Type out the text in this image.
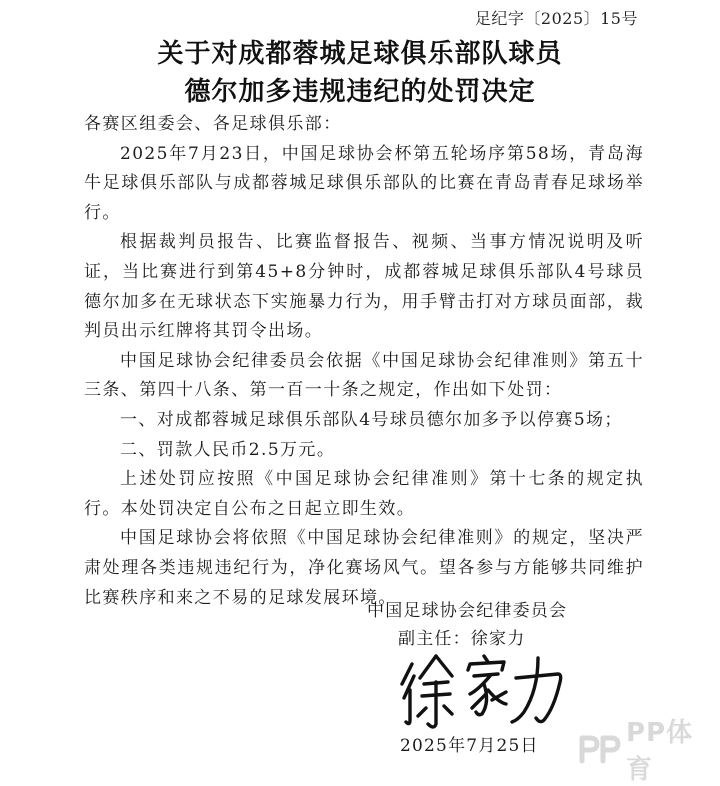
足纪字〔2025〕15号
关于对成都蓉城足球俱乐部队球员
德尔加多违规违纪的处罚决定

各赛区组委会、各足球俱乐部：

2025年7月23日，中国足球协会杯第五轮场序第58场，青岛海牛足球俱乐部队与成都蓉城足球俱乐部队的比赛在青岛青春足球场举行。

根据裁判员报告、比赛监督报告、视频、当事方情况说明及听证，当比赛进行到第45+8分钟时，成都蓉城足球俱乐部队4号球员德尔加多在无球状态下实施暴力行为，用手臂击打对方球员面部，裁判员出示红牌将其罚令出场。

中国足球协会纪律委员会依据《中国足球协会纪律准则》第五十三条、第四十八条、第一百一十条之规定，作出如下处罚：

一、对成都蓉城足球俱乐部队4号球员德尔加多予以停赛5场；

二、罚款人民币2.5万元。

上述处罚应按照《中国足球协会纪律准则》第十七条的规定执行。本处罚决定自公布之日起立即生效。

中国足球协会将依照《中国足球协会纪律准则》的规定，坚决严肃处理各类违规违纪行为，净化赛场风气。望各参与方能够共同维护比赛秩序和来之不易的足球发展环境。

中国足球协会纪律委员会
副主任：徐家力
2025年7月25日	PP体育
